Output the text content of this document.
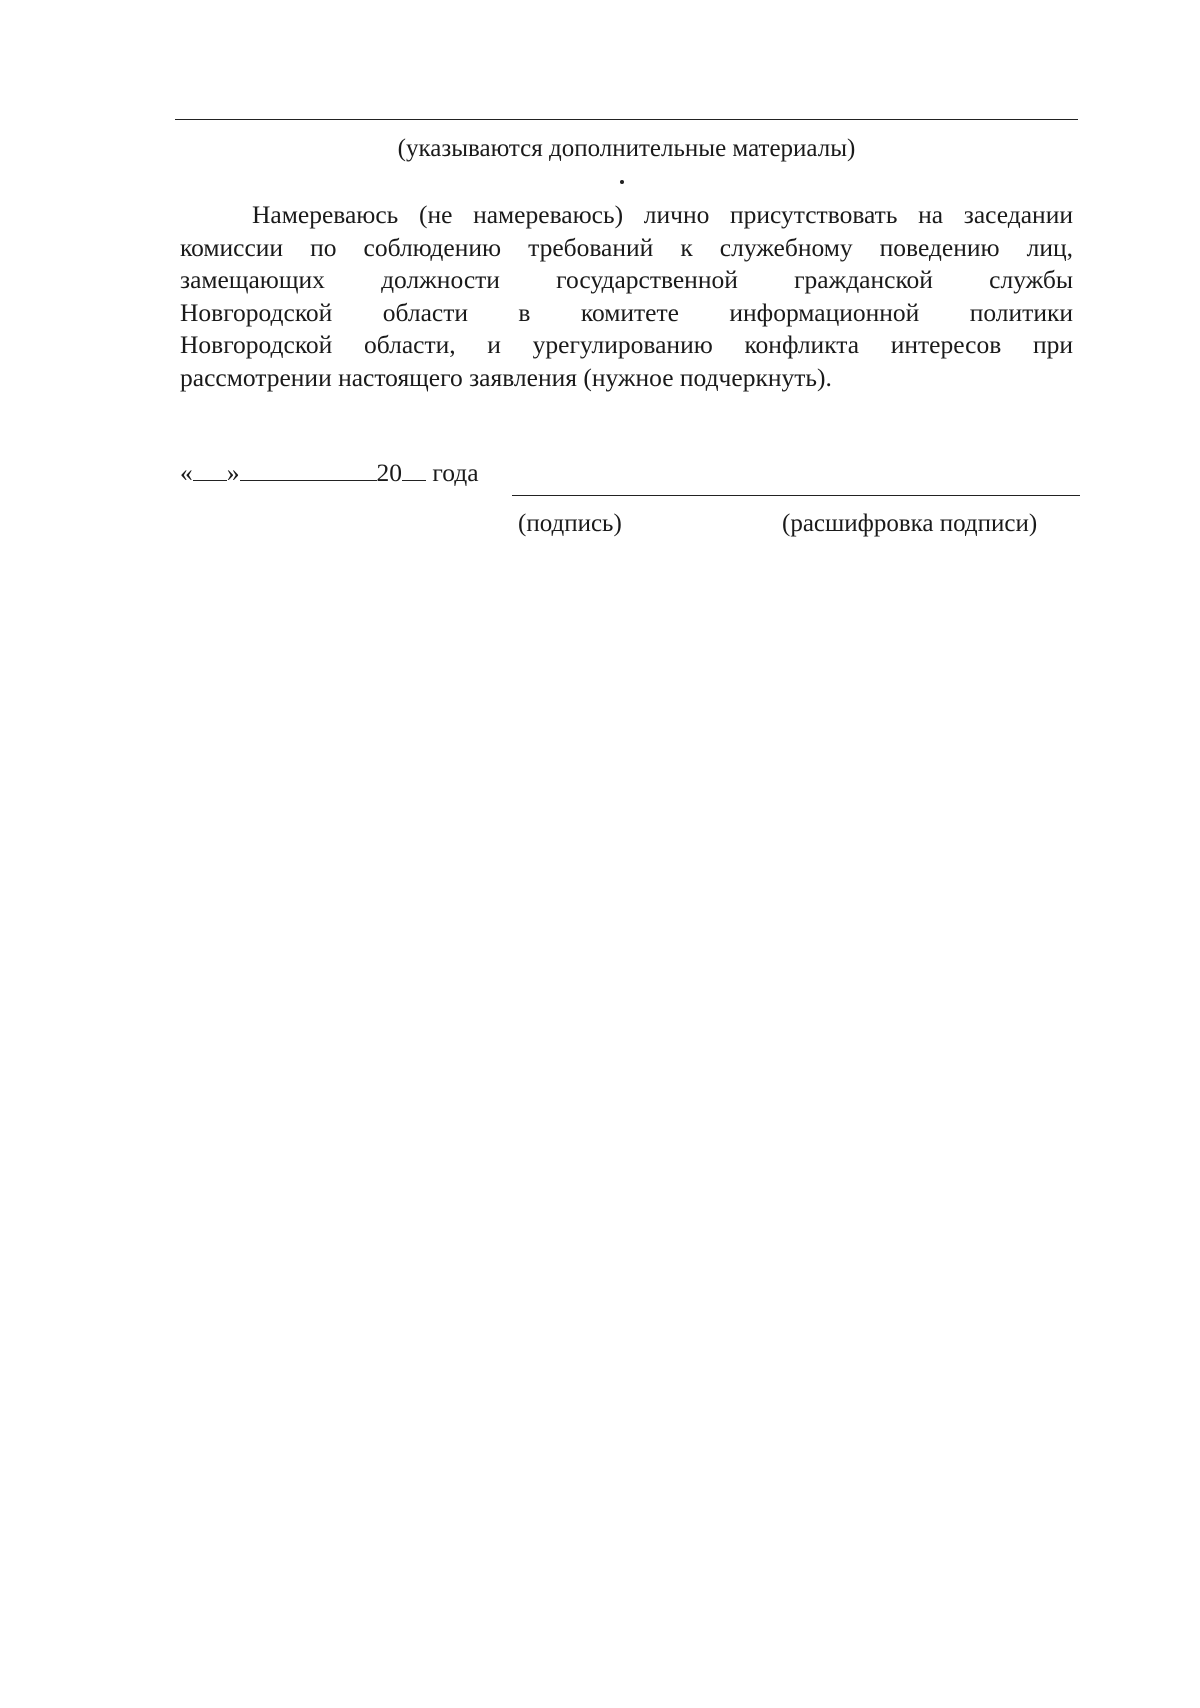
(указываются дополнительные материалы)
Намереваюсь (не намереваюсь) лично присутствовать на заседании
комиссии по соблюдению требований к служебному поведению лиц,
замещающих должности государственной гражданской службы
Новгородской области в комитете информационной политики
Новгородской области, и урегулированию конфликта интересов при
рассмотрении настоящего заявления (нужное подчеркнуть).
« »	20 года
(подпись)	(расшифровка подписи)
